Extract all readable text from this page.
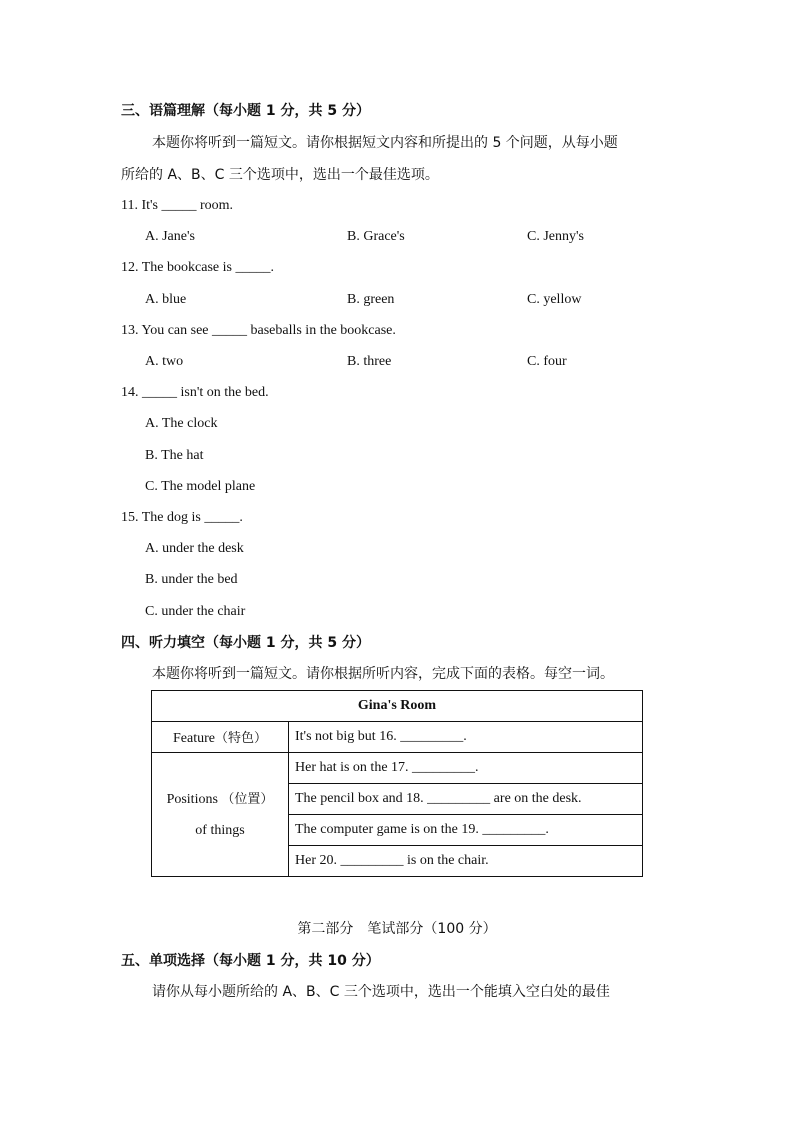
三、语篇理解（每小题 1 分，共 5 分）
本题你将听到一篇短文。请你根据短文内容和所提出的 5 个问题，从每小题
所给的 A、B、C 三个选项中，选出一个最佳选项。
11. It's _____ room.
A. Jane's	B. Grace's	C. Jenny's
12. The bookcase is _____.
A. blue	B. green	C. yellow
13. You can see _____ baseballs in the bookcase.
A. two	B. three	C. four
14. _____ isn't on the bed.
A. The clock
B. The hat
C. The model plane
15. The dog is _____.
A. under the desk
B. under the bed
C. under the chair
四、听力填空（每小题 1 分，共 5 分）
本题你将听到一篇短文。请你根据所听内容，完成下面的表格。每空一词。
Gina's Room	
Feature（特色）	It's not big but 16. _________.
Positions （位置）
of things	Her hat is on the 17. _________.
	The pencil box and 18. _________ are on the desk.
	The computer game is on the 19. _________.
	Her 20. _________ is on the chair.
第二部分　笔试部分（100 分）
五、单项选择（每小题 1 分，共 10 分）
请你从每小题所给的 A、B、C 三个选项中，选出一个能填入空白处的最佳
